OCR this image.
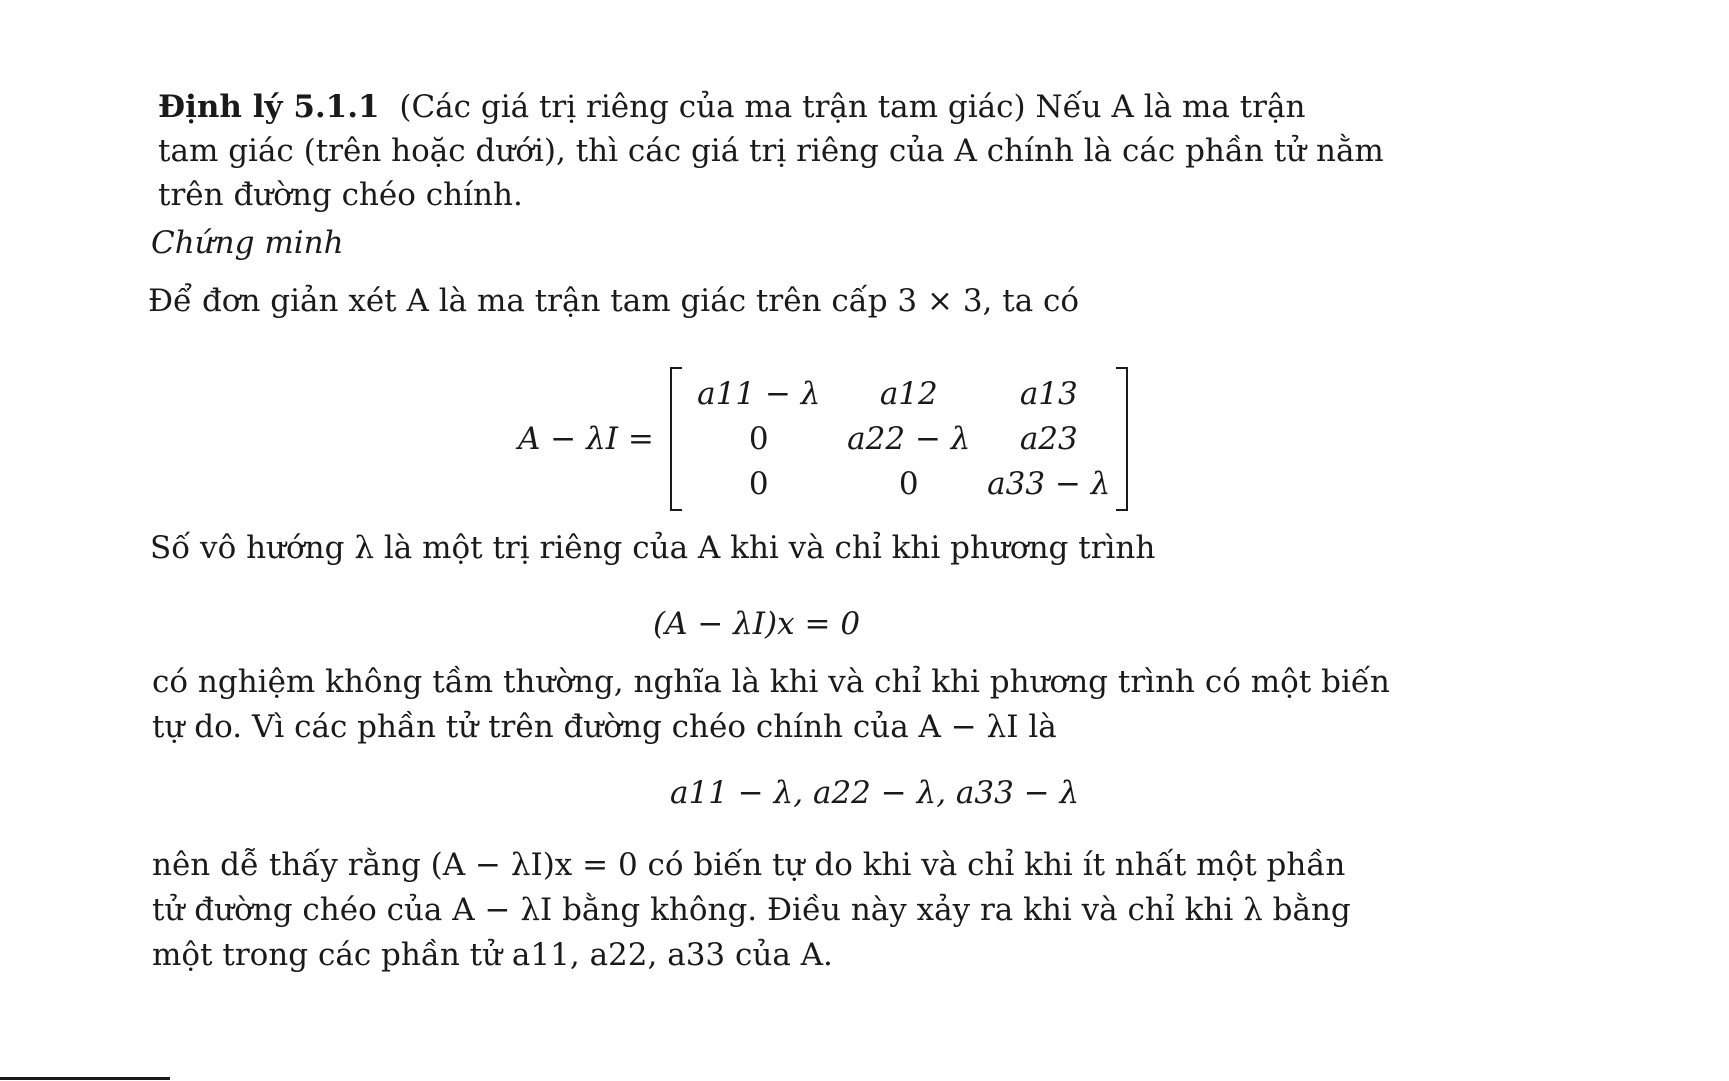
Định lý 5.1.1 (Các giá trị riêng của ma trận tam giác) Nếu A là ma trận
tam giác (trên hoặc dưới), thì các giá trị riêng của A chính là các phần tử nằm
trên đường chéo chính.
Chứng minh
Để đơn giản xét A là ma trận tam giác trên cấp 3 × 3, ta có
A − λI =
a11 − λ	a12	a13
0	a22 − λ	a23
0	0	a33 − λ
Số vô hướng λ là một trị riêng của A khi và chỉ khi phương trình
(A − λI)x = 0
có nghiệm không tầm thường, nghĩa là khi và chỉ khi phương trình có một biến
tự do. Vì các phần tử trên đường chéo chính của A − λI là
a11 − λ, a22 − λ, a33 − λ
nên dễ thấy rằng (A − λI)x = 0 có biến tự do khi và chỉ khi ít nhất một phần
tử đường chéo của A − λI bằng không. Điều này xảy ra khi và chỉ khi λ bằng
một trong các phần tử a11, a22, a33 của A.
